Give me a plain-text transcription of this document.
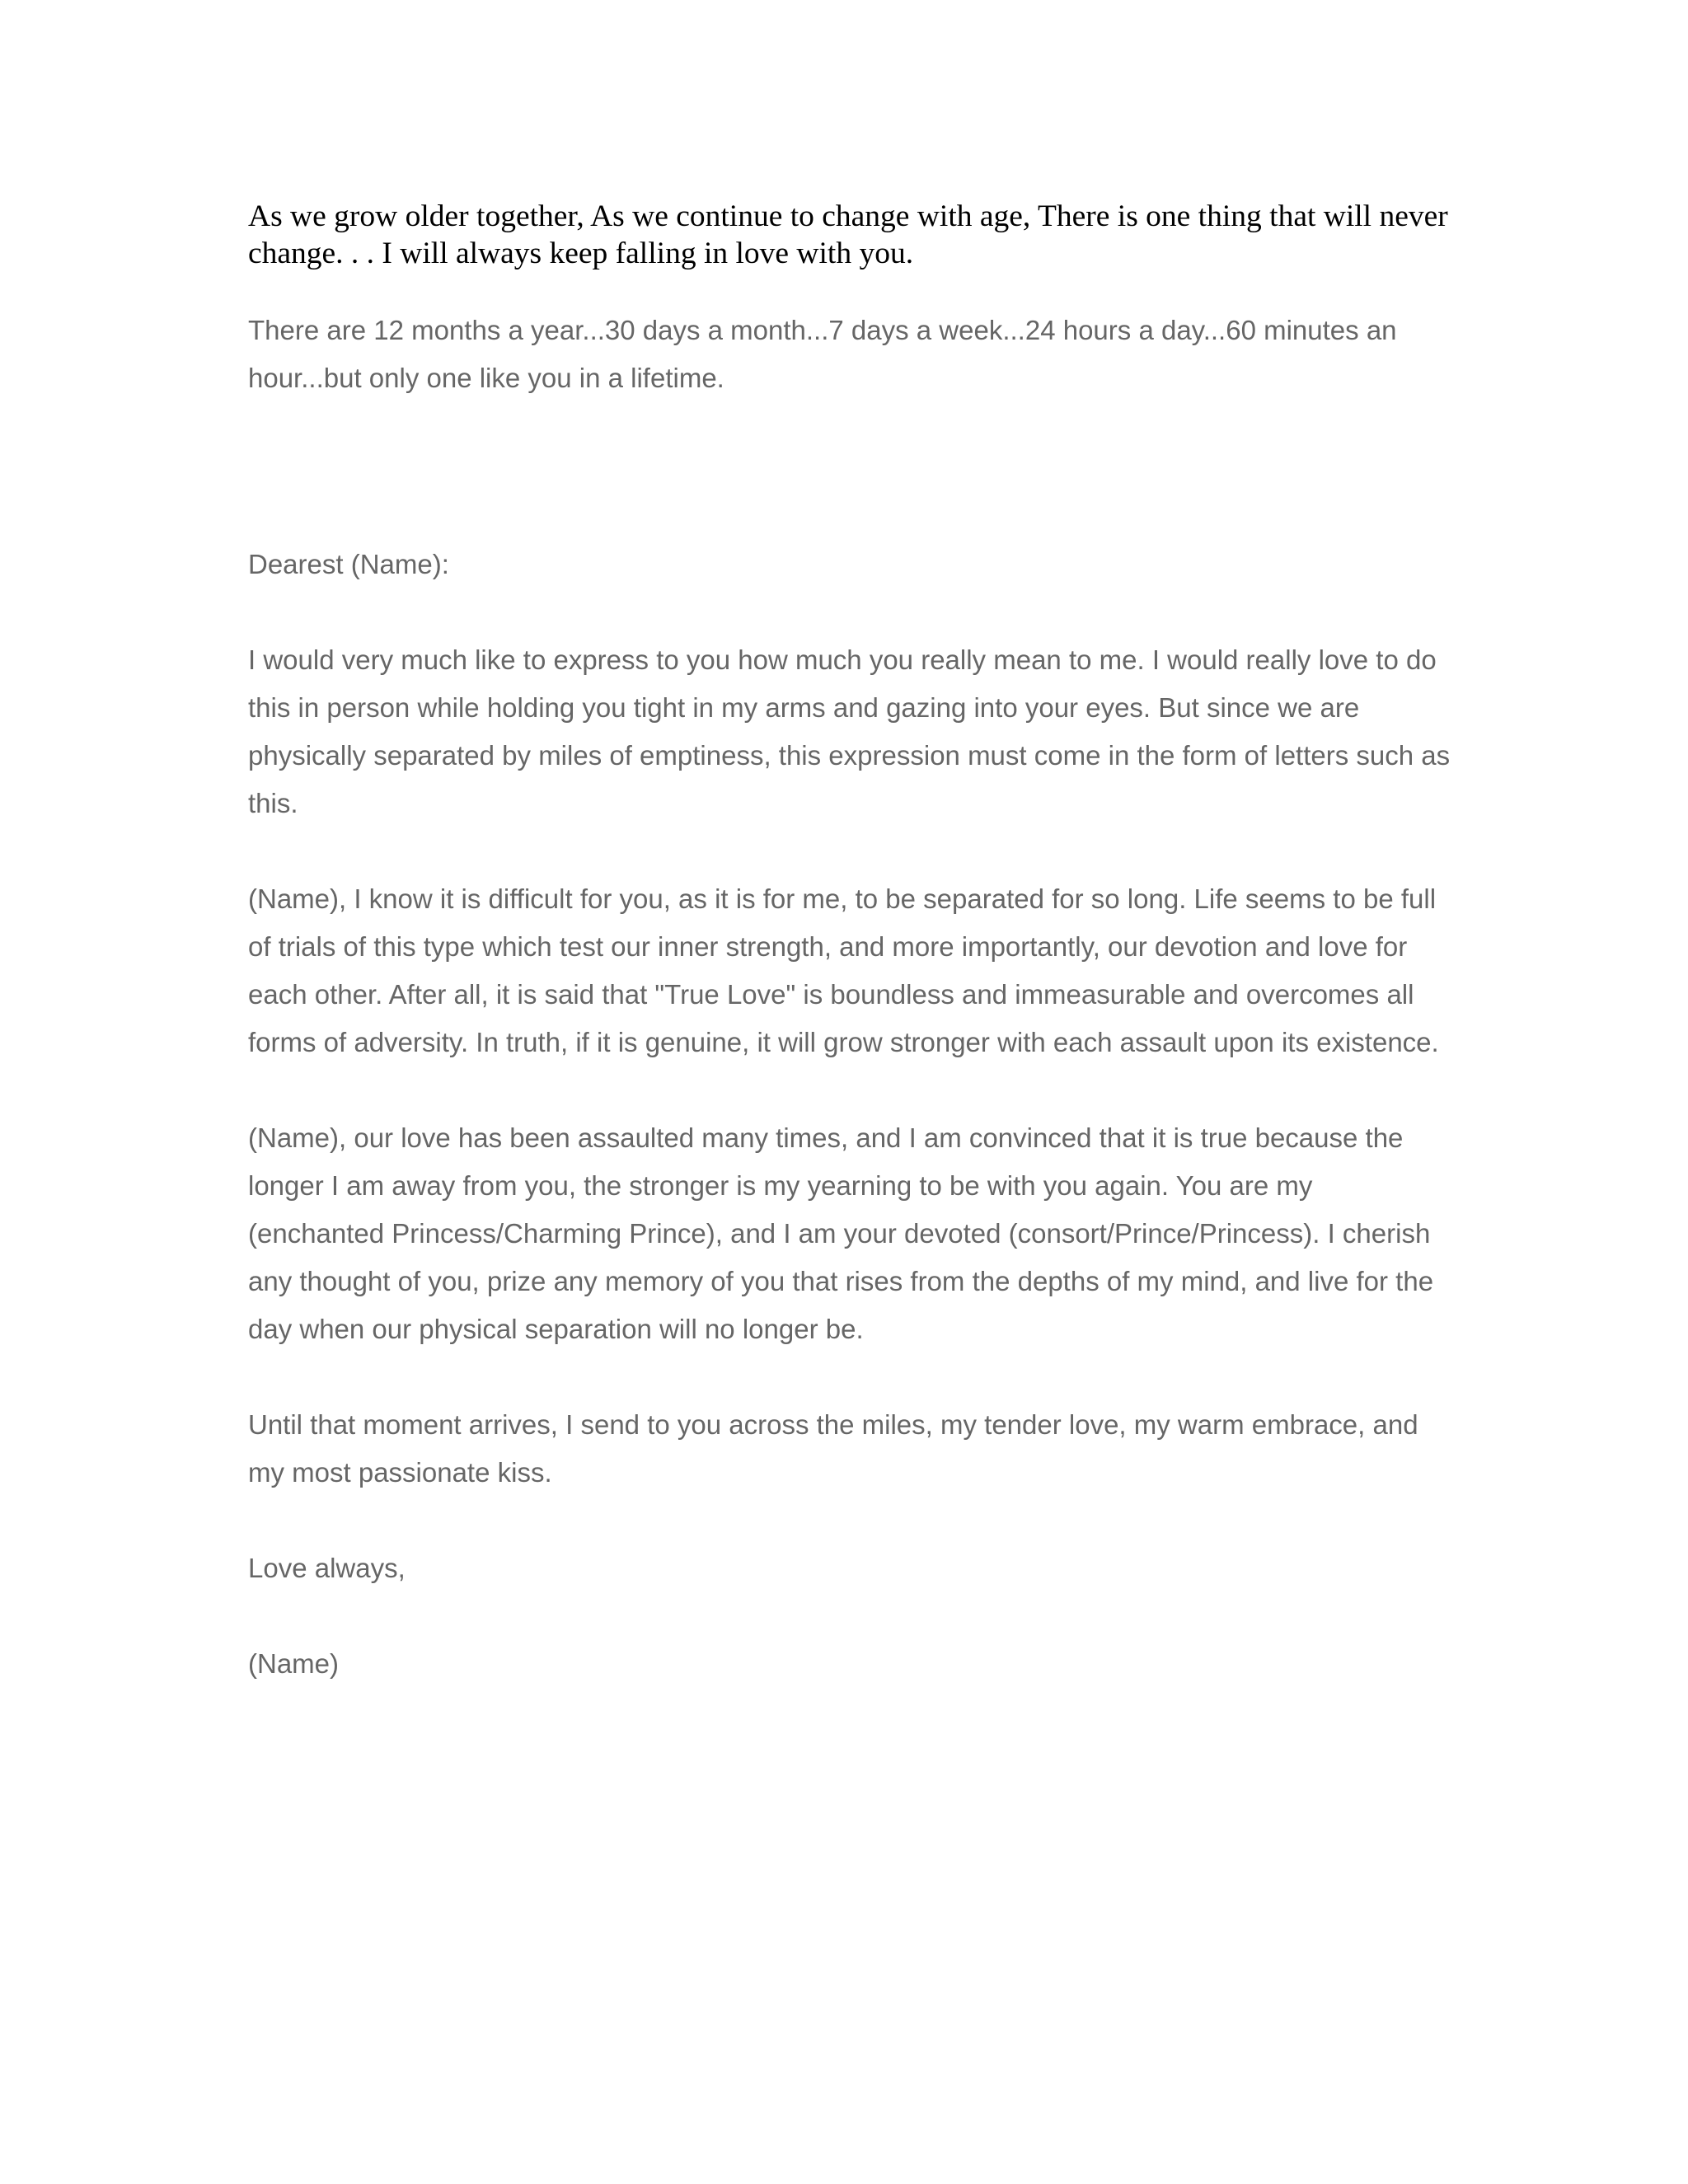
As we grow older together, As we continue to change with age, There is one thing that will never change. . . I will always keep falling in love with you.

There are 12 months a year...30 days a month...7 days a week...24 hours a day...60 minutes an hour...but only one like you in a lifetime.

Dearest (Name):

I would very much like to express to you how much you really mean to me. I would really love to do this in person while holding you tight in my arms and gazing into your eyes. But since we are physically separated by miles of emptiness, this expression must come in the form of letters such as this.

(Name), I know it is difficult for you, as it is for me, to be separated for so long. Life seems to be full of trials of this type which test our inner strength, and more importantly, our devotion and love for each other. After all, it is said that "True Love" is boundless and immeasurable and overcomes all forms of adversity. In truth, if it is genuine, it will grow stronger with each assault upon its existence.

(Name), our love has been assaulted many times, and I am convinced that it is true because the longer I am away from you, the stronger is my yearning to be with you again. You are my (enchanted Princess/Charming Prince), and I am your devoted (consort/Prince/Princess). I cherish any thought of you, prize any memory of you that rises from the depths of my mind, and live for the day when our physical separation will no longer be.

Until that moment arrives, I send to you across the miles, my tender love, my warm embrace, and my most passionate kiss.

Love always,

(Name)
